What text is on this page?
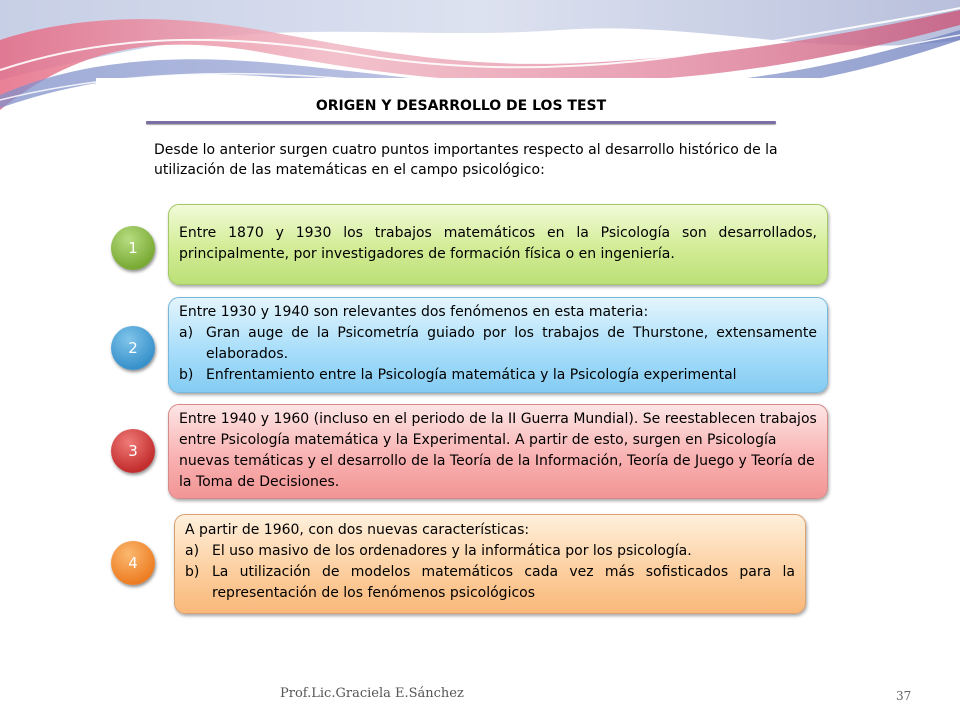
ORIGEN Y DESARROLLO DE LOS TEST
Desde lo anterior surgen cuatro puntos importantes respecto al desarrollo histórico de la utilización de las matemáticas en el campo psicológico:
1
Entre 1870 y 1930 los trabajos matemáticos en la Psicología son desarrollados, principalmente, por investigadores de formación física o en ingeniería.
2
Entre 1930 y 1940 son relevantes dos fenómenos en esta materia:
a) Gran auge de la Psicometría guiado por los trabajos de Thurstone, extensamente elaborados.
b) Enfrentamiento entre la Psicología matemática y la Psicología experimental
3
Entre 1940 y 1960 (incluso en el periodo de la II Guerra Mundial). Se reestablecen trabajos entre Psicología matemática y la Experimental. A partir de esto, surgen en Psicología nuevas temáticas y el desarrollo de la Teoría de la Información, Teoría de Juego y Teoría de la Toma de Decisiones.
4
A partir de 1960, con dos nuevas características:
a) El uso masivo de los ordenadores y la informática por los psicología.
b) La utilización de modelos matemáticos cada vez más sofisticados para la representación de los fenómenos psicológicos
Prof.Lic.Graciela E.Sánchez	37
